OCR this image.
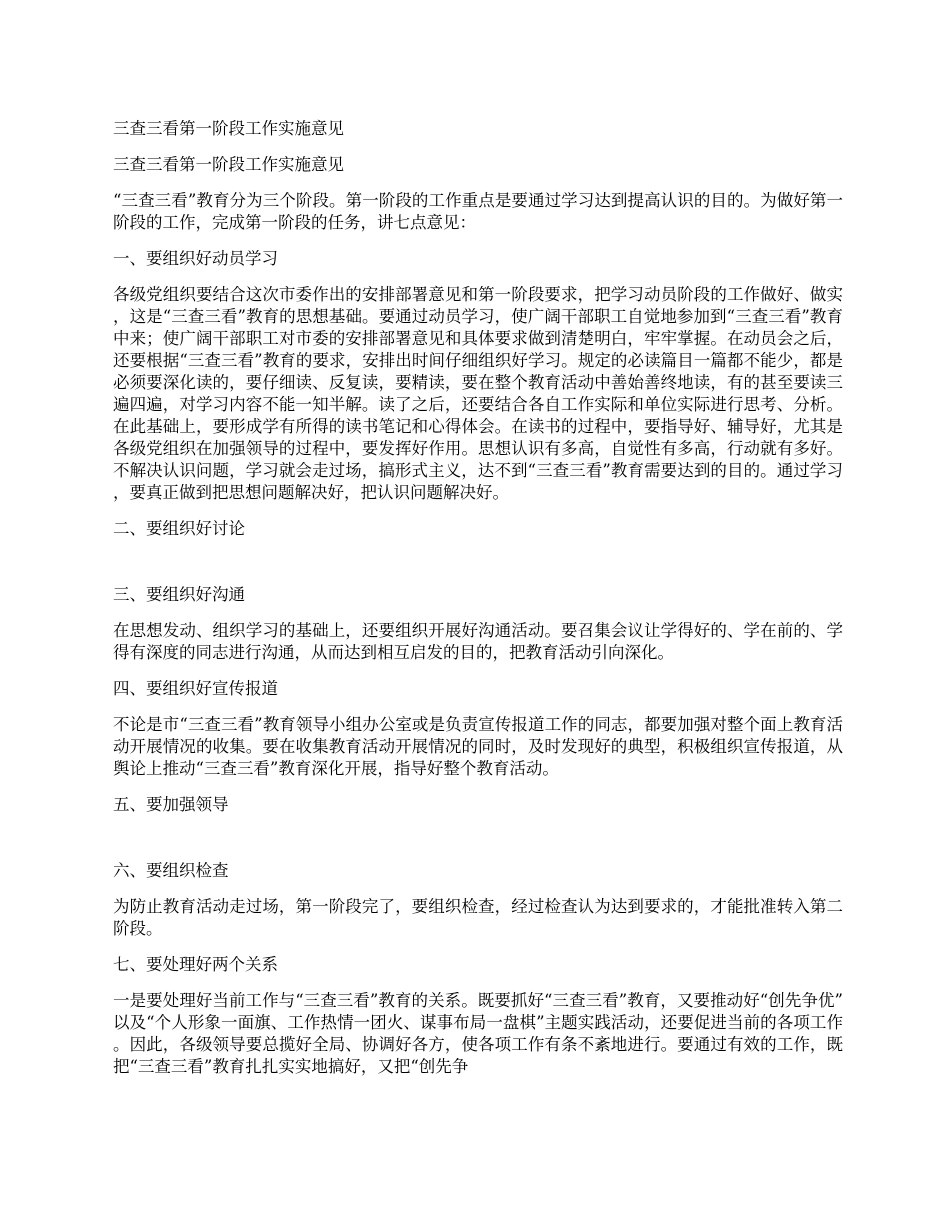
三查三看第一阶段工作实施意见
三查三看第一阶段工作实施意见
“三查三看”教育分为三个阶段。第一阶段的工作重点是要通过学习达到提高认识的目的。为做好第一阶段的工作，完成第一阶段的任务，讲七点意见：
一、要组织好动员学习
各级党组织要结合这次市委作出的安排部署意见和第一阶段要求，把学习动员阶段的工作做好、做实，这是“三查三看”教育的思想基础。要通过动员学习，使广阔干部职工自觉地参加到“三查三看”教育中来；使广阔干部职工对市委的安排部署意见和具体要求做到清楚明白，牢牢掌握。在动员会之后，还要根据“三查三看”教育的要求，安排出时间仔细组织好学习。规定的必读篇目一篇都不能少，都是必须要深化读的，要仔细读、反复读，要精读，要在整个教育活动中善始善终地读，有的甚至要读三遍四遍，对学习内容不能一知半解。读了之后，还要结合各自工作实际和单位实际进行思考、分析。在此基础上，要形成学有所得的读书笔记和心得体会。在读书的过程中，要指导好、辅导好，尤其是各级党组织在加强领导的过程中，要发挥好作用。思想认识有多高，自觉性有多高，行动就有多好。不解决认识问题，学习就会走过场，搞形式主义，达不到“三查三看”教育需要达到的目的。通过学习，要真正做到把思想问题解决好，把认识问题解决好。
二、要组织好讨论
三、要组织好沟通
在思想发动、组织学习的基础上，还要组织开展好沟通活动。要召集会议让学得好的、学在前的、学得有深度的同志进行沟通，从而达到相互启发的目的，把教育活动引向深化。
四、要组织好宣传报道
不论是市“三查三看”教育领导小组办公室或是负责宣传报道工作的同志，都要加强对整个面上教育活动开展情况的收集。要在收集教育活动开展情况的同时，及时发现好的典型，积极组织宣传报道，从舆论上推动“三查三看”教育深化开展，指导好整个教育活动。
五、要加强领导
六、要组织检查
为防止教育活动走过场，第一阶段完了，要组织检查，经过检查认为达到要求的，才能批准转入第二阶段。
七、要处理好两个关系
一是要处理好当前工作与“三查三看”教育的关系。既要抓好“三查三看”教育，又要推动好“创先争优”以及“个人形象一面旗、工作热情一团火、谋事布局一盘棋”主题实践活动，还要促进当前的各项工作。因此，各级领导要总揽好全局、协调好各方，使各项工作有条不紊地进行。要通过有效的工作，既把“三查三看”教育扎扎实实地搞好，又把“创先争
